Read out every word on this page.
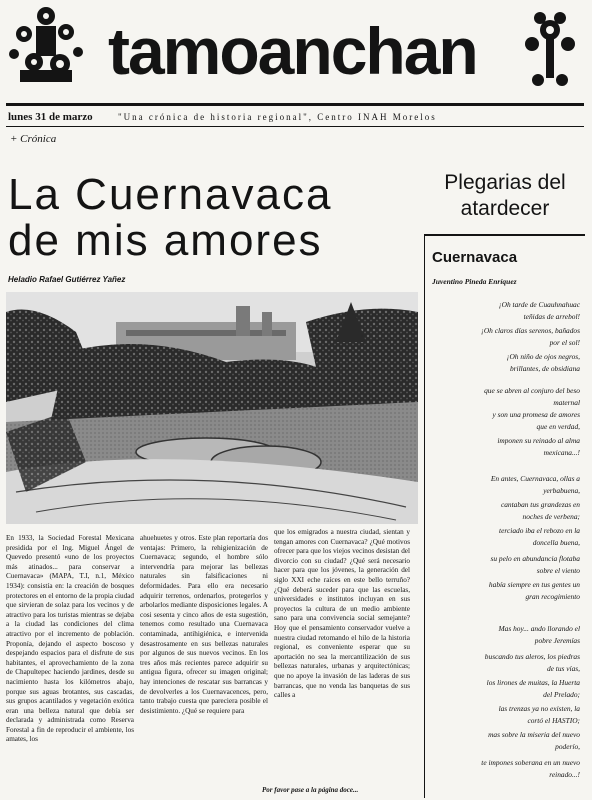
tamoanchan
lunes 31 de marzo	"Una crónica de historia regional", Centro INAH Morelos
+ Crónica
La Cuernavaca
de mis amores
Heladio Rafael Gutiérrez Yañez
En 1933, la Sociedad Forestal Mexicana presidida por el Ing. Miguel Ángel de Quevedo presentó «uno de los proyectos más atinados... para conservar a Cuernavaca» (MAPA, T.I, n.1, México 1934): consistía en: la creación de bosques protectores en el entorno de la propia ciudad que sirvieran de solaz para los vecinos y de atractivo para los turistas mientras se dejaba a la ciudad las condiciones del clima atractivo por el incremento de población. Proponía, dejando el aspecto boscoso y despejando espacios para el disfrute de sus habitantes, el aprovechamiento de la zona de Chapultepec haciendo jardines, desde su nacimiento hasta los kilómetros abajo, porque sus aguas brotantes, sus cascadas, sus grupos acantilados y vegetación exótica eran una belleza natural que debía ser declarada y administrada como Reserva Forestal a fin de reproducir el ambiente, los amates, los
ahuehuetes y otros. Este plan reportaría dos ventajas: Primero, la rehigienización de Cuernavaca; segundo, el hombre sólo intervendría para mejorar las bellezas naturales sin falsificaciones ni deformidades. Para ello era necesario adquirir terrenos, ordenarlos, protegerlos y arbolarlos mediante disposiciones legales. A cosi sesenta y cinco años de esta sugestión, tenemos como resultado una Cuernavaca contaminada, antihigiénica, e intervenida desastrosamente en sus bellezas naturales por algunos de sus nuevos vecinos. En los tres años más recientes parece adquirir su antigua figura, ofrecer su imagen original; hay intenciones de rescatar sus barrancas y de devolverles a los Cuernavacences, pero, tanto trabajo cuesta que pareciera posible el desistimiento. ¿Qué se requiere para
que los emigrados a nuestra ciudad, sientan y tengan amores con Cuernavaca? ¿Qué motivos ofrecer para que los viejos vecinos desistan del divorcio con su ciudad? ¿Qué será necesario hacer para que los jóvenes, la generación del siglo XXI eche raíces en este bello terruño? ¿Qué deberá suceder para que las escuelas, universidades e institutos incluyan en sus proyectos la cultura de un medio ambiente sano para una convivencia social semejante? Hoy que el pensamiento conservador vuelve a nuestra ciudad retomando el hilo de la historia regional, es conveniente esperar que su aportación no sea la mercantilización de sus bellezas naturales, urbanas y arquitectónicas; que no apoye la invasión de las laderas de sus barrancas, que no venda las banquetas de sus calles a
Por favor pase a la página doce...
Plegarias del
atardecer
Cuernavaca
Juventino Pineda Enríquez
¡Oh tarde de Cuauhnahuac
teñidas de arrebol!
¡Oh claros días serenos, bañados
por el sol!
¡Oh niño de ojos negros,
brillantes, de obsidiana
que se abren al conjuro del beso
maternal
y son una promesa de amores
que en verdad,
imponen su reinado al alma
mexicana...!
En antes, Cuernavaca, ollas a
yerbabuena,
cantaban tus grandezas en
noches de verbena;
terciado iba el rebozo en la
doncella buena,
su pelo en abundancia flotaba
sobre el viento
había siempre en tus gentes un
gran recogimiento
Mas hoy... ando llorando el
pobre Jeremías
buscando tus aleros, los piedras
de tus vías,
los lirones de muitas, la Huerta
del Prelado;
las trenzas ya no existen, la
cortó el HASTIO;
mas sobre la miseria del nuevo
poderío,
te impones soberana en un nuevo
reinado...!
